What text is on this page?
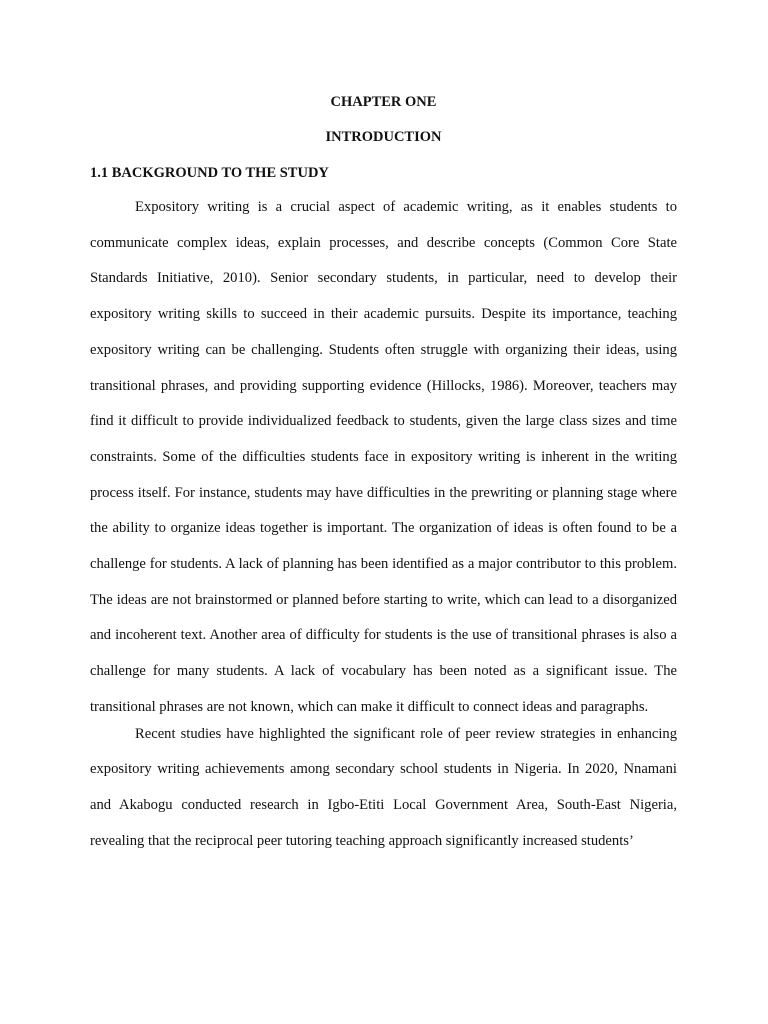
CHAPTER ONE

INTRODUCTION

1.1 BACKGROUND TO THE STUDY

Expository writing is a crucial aspect of academic writing, as it enables students to communicate complex ideas, explain processes, and describe concepts (Common Core State Standards Initiative, 2010). Senior secondary students, in particular, need to develop their expository writing skills to succeed in their academic pursuits. Despite its importance, teaching expository writing can be challenging. Students often struggle with organizing their ideas, using transitional phrases, and providing supporting evidence (Hillocks, 1986). Moreover, teachers may find it difficult to provide individualized feedback to students, given the large class sizes and time constraints. Some of the difficulties students face in expository writing is inherent in the writing process itself. For instance, students may have difficulties in the prewriting or planning stage where the ability to organize ideas together is important. The organization of ideas is often found to be a challenge for students. A lack of planning has been identified as a major contributor to this problem. The ideas are not brainstormed or planned before starting to write, which can lead to a disorganized and incoherent text. Another area of difficulty for students is the use of transitional phrases is also a challenge for many students. A lack of vocabulary has been noted as a significant issue. The transitional phrases are not known, which can make it difficult to connect ideas and paragraphs.

Recent studies have highlighted the significant role of peer review strategies in enhancing expository writing achievements among secondary school students in Nigeria. In 2020, Nnamani and Akabogu conducted research in Igbo-Etiti Local Government Area, South-East Nigeria, revealing that the reciprocal peer tutoring teaching approach significantly increased students’
